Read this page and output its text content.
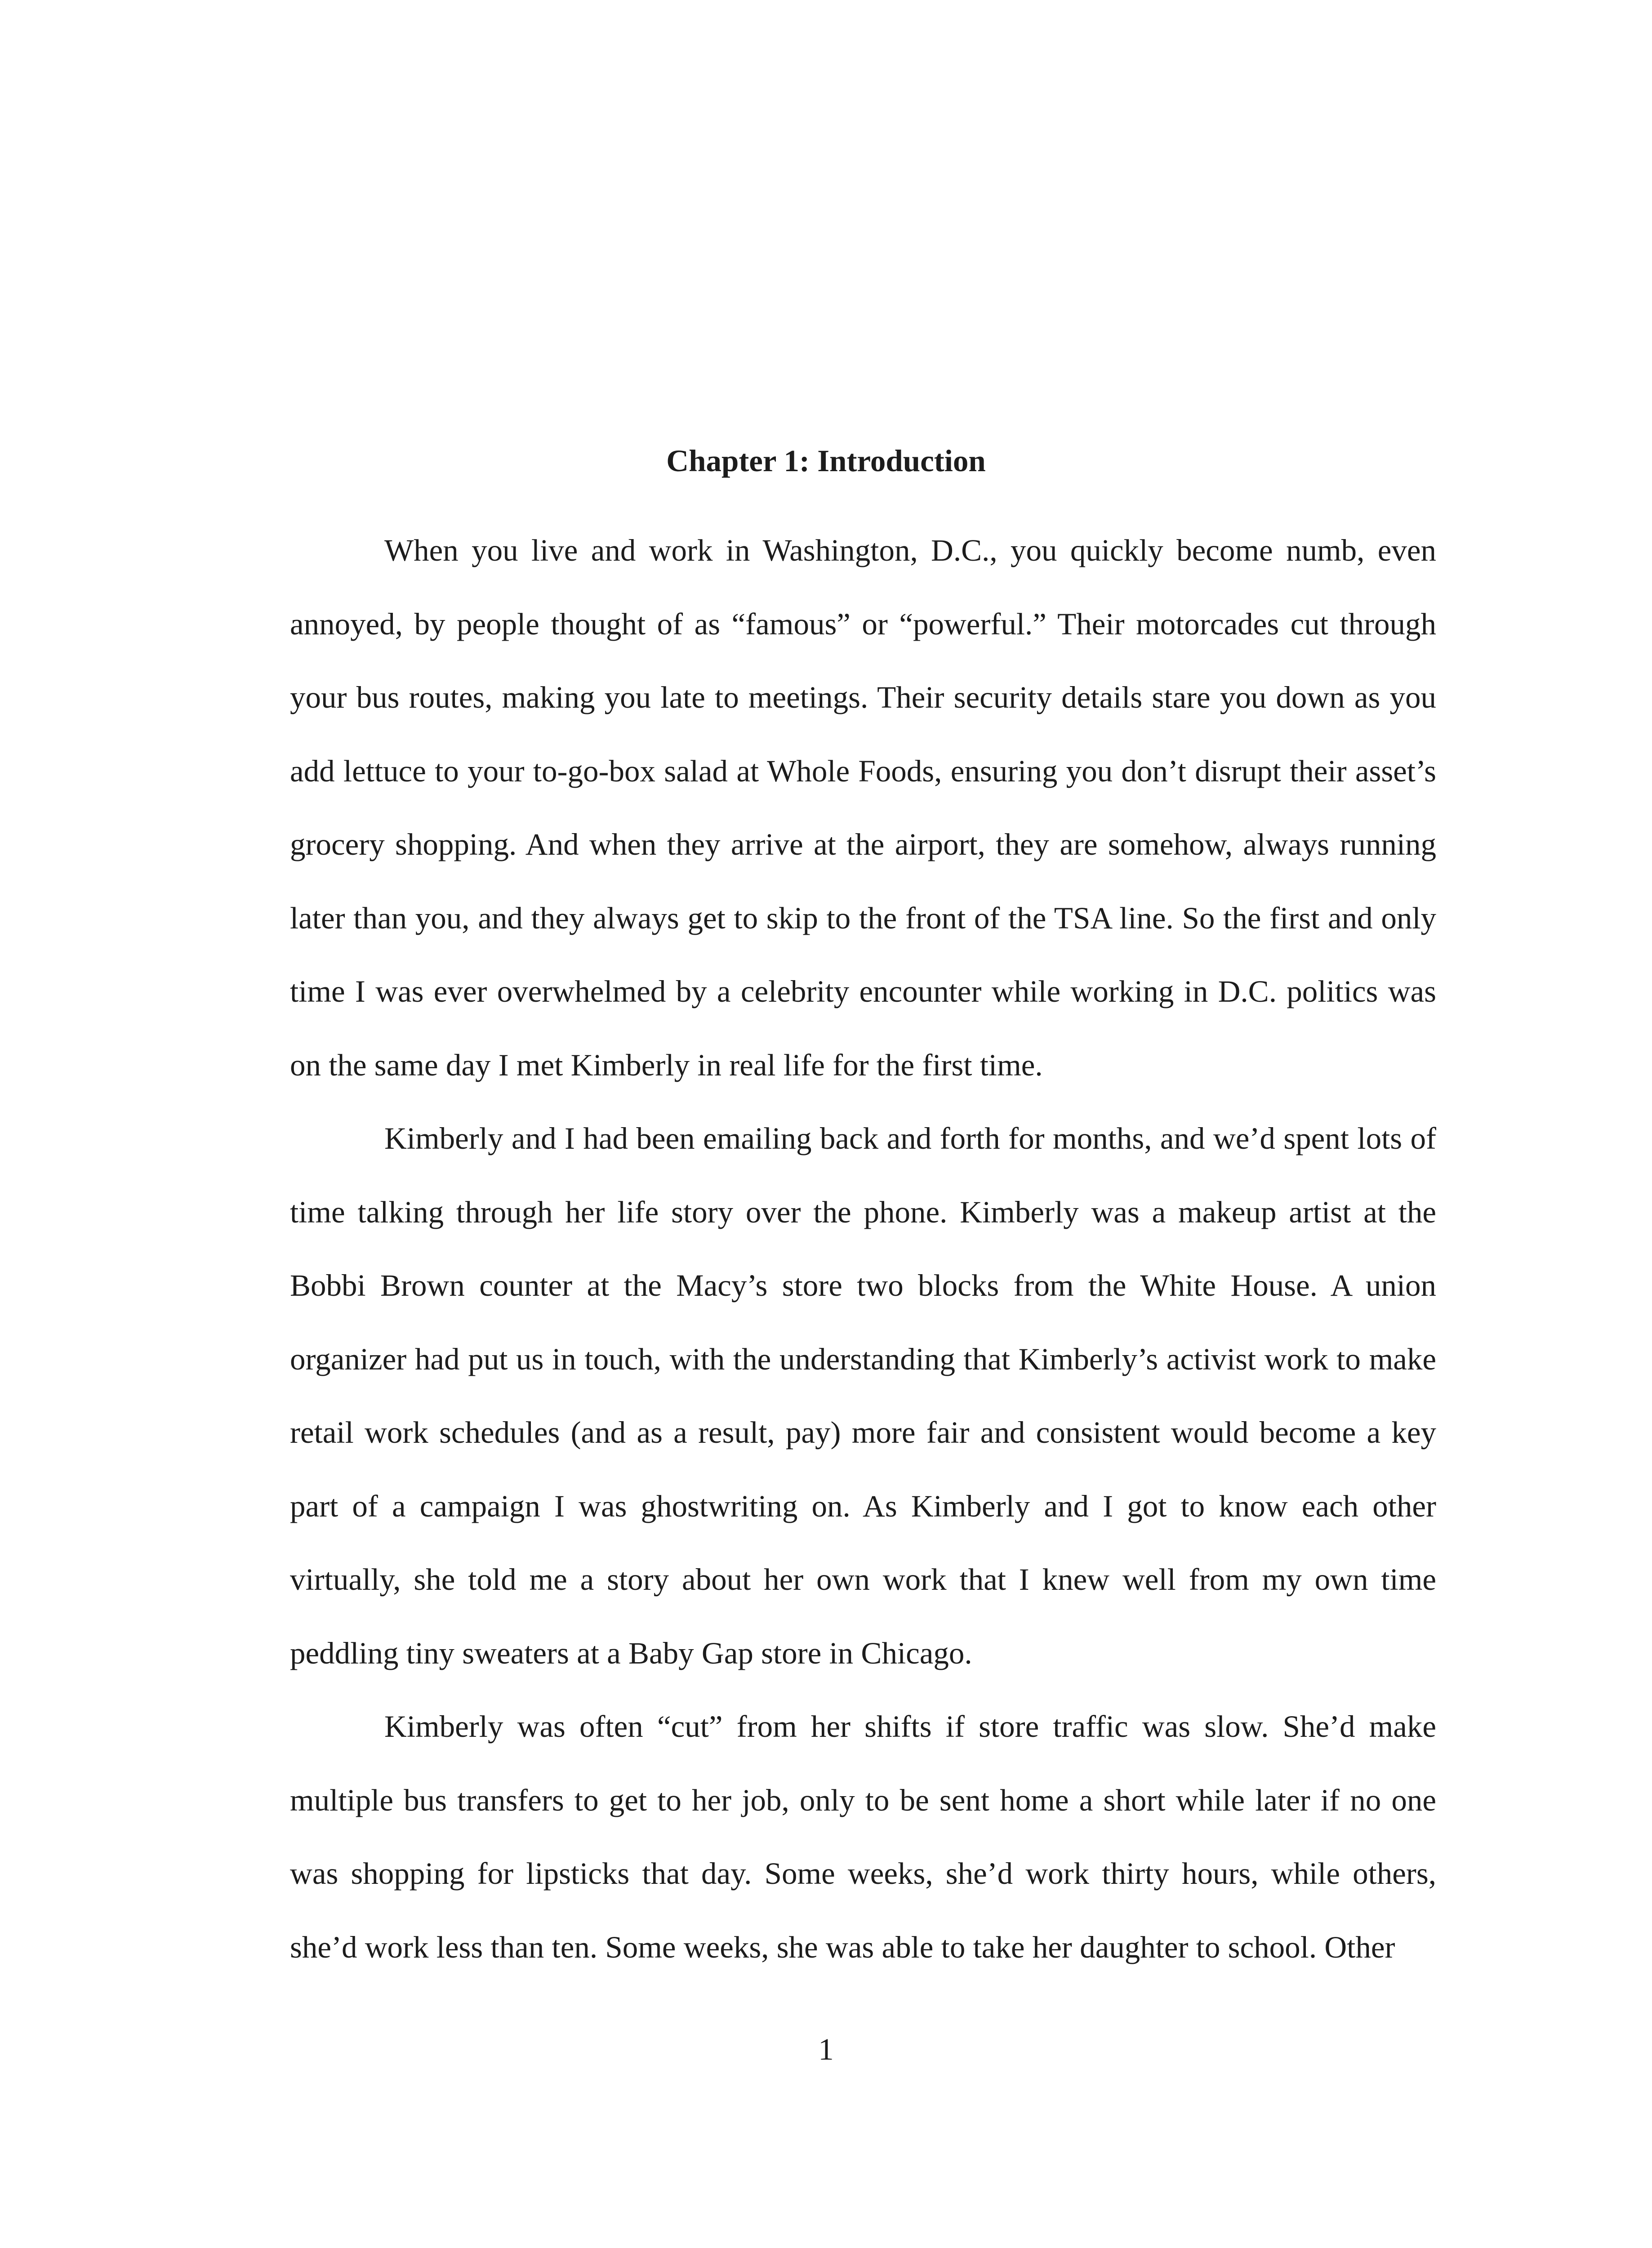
Chapter 1: Introduction

When you live and work in Washington, D.C., you quickly become numb, even annoyed, by people thought of as “famous” or “powerful.” Their motorcades cut through your bus routes, making you late to meetings. Their security details stare you down as you add lettuce to your to-go-box salad at Whole Foods, ensuring you don’t disrupt their asset’s grocery shopping. And when they arrive at the airport, they are somehow, always running later than you, and they always get to skip to the front of the TSA line. So the first and only time I was ever overwhelmed by a celebrity encounter while working in D.C. politics was on the same day I met Kimberly in real life for the first time.

Kimberly and I had been emailing back and forth for months, and we’d spent lots of time talking through her life story over the phone. Kimberly was a makeup artist at the Bobbi Brown counter at the Macy’s store two blocks from the White House. A union organizer had put us in touch, with the understanding that Kimberly’s activist work to make retail work schedules (and as a result, pay) more fair and consistent would become a key part of a campaign I was ghostwriting on. As Kimberly and I got to know each other virtually, she told me a story about her own work that I knew well from my own time peddling tiny sweaters at a Baby Gap store in Chicago.

Kimberly was often “cut” from her shifts if store traffic was slow. She’d make multiple bus transfers to get to her job, only to be sent home a short while later if no one was shopping for lipsticks that day. Some weeks, she’d work thirty hours, while others, she’d work less than ten. Some weeks, she was able to take her daughter to school. Other

1
